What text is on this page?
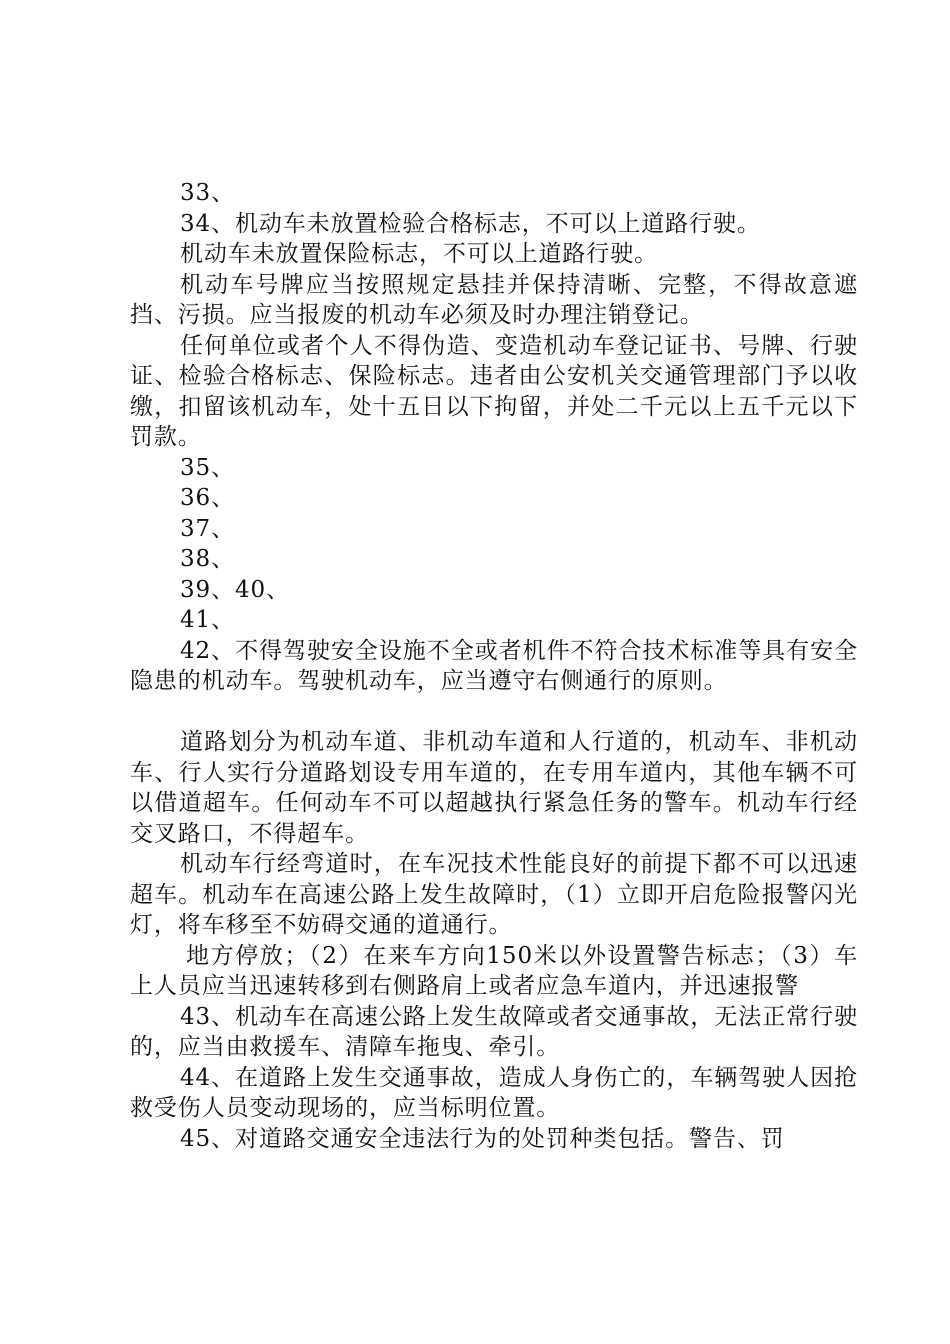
33、

34、机动车未放置检验合格标志，不可以上道路行驶。

机动车未放置保险标志，不可以上道路行驶。

机动车号牌应当按照规定悬挂并保持清晰、完整，不得故意遮挡、污损。应当报废的机动车必须及时办理注销登记。

任何单位或者个人不得伪造、变造机动车登记证书、号牌、行驶证、检验合格标志、保险标志。违者由公安机关交通管理部门予以收缴，扣留该机动车，处十五日以下拘留，并处二千元以上五千元以下罚款。

35、

36、

37、

38、

39、40、

41、

42、不得驾驶安全设施不全或者机件不符合技术标准等具有安全隐患的机动车。驾驶机动车，应当遵守右侧通行的原则。

道路划分为机动车道、非机动车道和人行道的，机动车、非机动车、行人实行分道路划设专用车道的，在专用车道内，其他车辆不可以借道超车。任何动车不可以超越执行紧急任务的警车。机动车行经交叉路口，不得超车。

机动车行经弯道时，在车况技术性能良好的前提下都不可以迅速超车。机动车在高速公路上发生故障时，（1）立即开启危险报警闪光灯，将车移至不妨碍交通的道通行。

地方停放；（2）在来车方向150米以外设置警告标志；（3）车上人员应当迅速转移到右侧路肩上或者应急车道内，并迅速报警

43、机动车在高速公路上发生故障或者交通事故，无法正常行驶的，应当由救援车、清障车拖曳、牵引。

44、在道路上发生交通事故，造成人身伤亡的，车辆驾驶人因抢救受伤人员变动现场的，应当标明位置。

45、对道路交通安全违法行为的处罚种类包括。警告、罚
